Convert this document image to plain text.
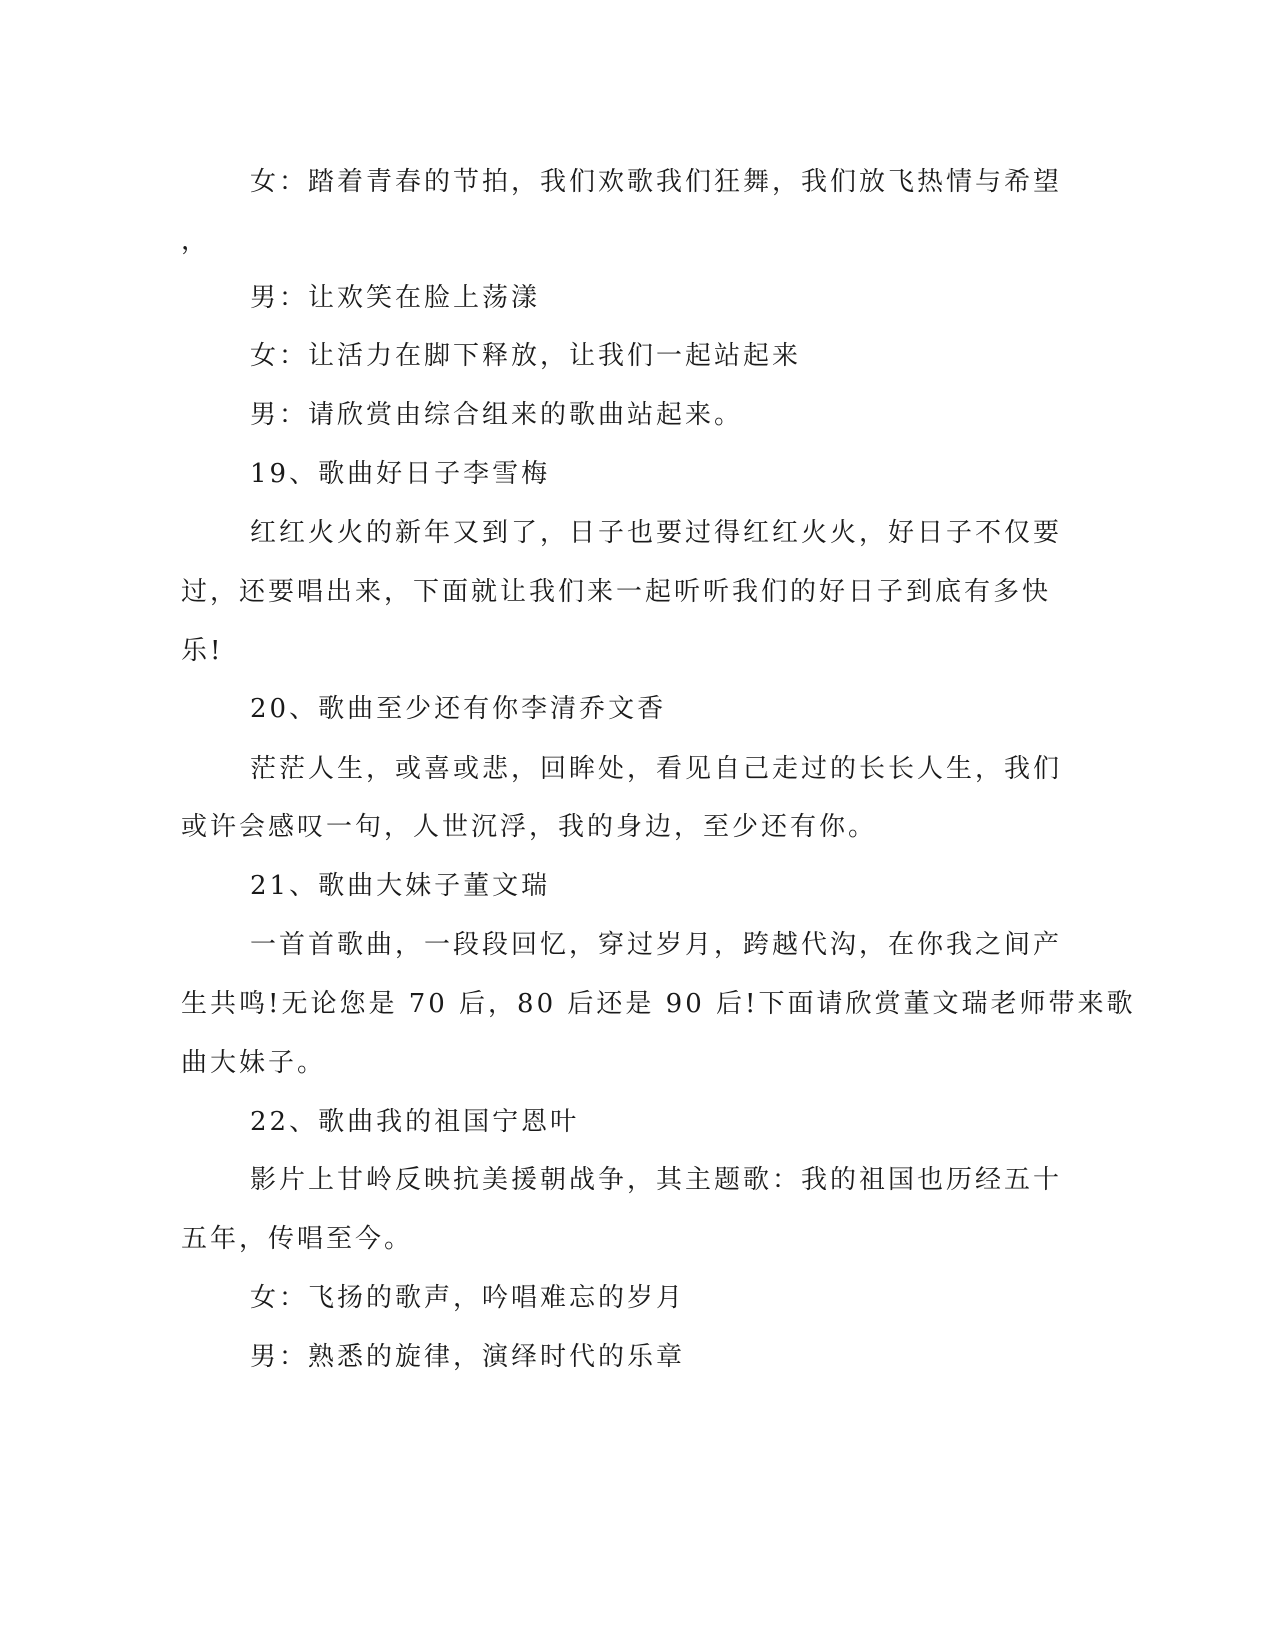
女：踏着青春的节拍，我们欢歌我们狂舞，我们放飞热情与希望
，
男：让欢笑在脸上荡漾
女：让活力在脚下释放，让我们一起站起来
男：请欣赏由综合组来的歌曲站起来。
19、歌曲好日子李雪梅
红红火火的新年又到了，日子也要过得红红火火，好日子不仅要
过，还要唱出来，下面就让我们来一起听听我们的好日子到底有多快
乐!
20、歌曲至少还有你李清乔文香
茫茫人生，或喜或悲，回眸处，看见自己走过的长长人生，我们
或许会感叹一句，人世沉浮，我的身边，至少还有你。
21、歌曲大妹子董文瑞
一首首歌曲，一段段回忆，穿过岁月，跨越代沟，在你我之间产
生共鸣!无论您是 70 后，80 后还是 90 后!下面请欣赏董文瑞老师带来歌
曲大妹子。
22、歌曲我的祖国宁恩叶
影片上甘岭反映抗美援朝战争，其主题歌：我的祖国也历经五十
五年，传唱至今。
女：飞扬的歌声，吟唱难忘的岁月
男：熟悉的旋律，演绎时代的乐章
